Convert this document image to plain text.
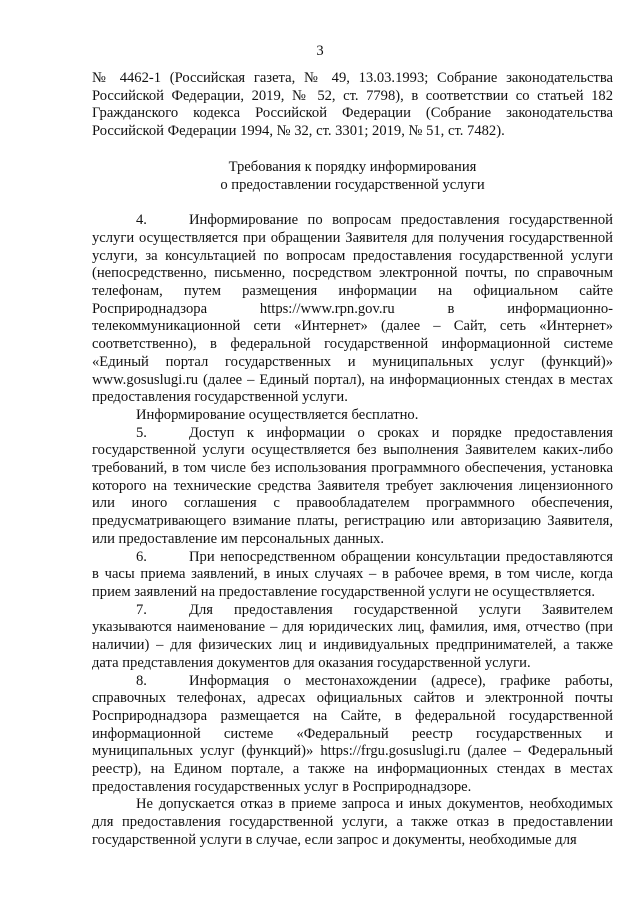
3

№ 4462-1 (Российская газета, № 49, 13.03.1993; Собрание законодательства Российской Федерации, 2019, № 52, ст. 7798), в соответствии со статьей 182 Гражданского кодекса Российской Федерации (Собрание законодательства Российской Федерации 1994, № 32, ст. 3301; 2019, № 51, ст. 7482).

Требования к порядку информирования
о предоставлении государственной услуги

4.	Информирование по вопросам предоставления государственной услуги осуществляется при обращении Заявителя для получения государственной услуги, за консультацией по вопросам предоставления государственной услуги (непосредственно, письменно, посредством электронной почты, по справочным телефонам, путем размещения информации на официальном сайте Росприроднадзора https://www.rpn.gov.ru в информационно-телекоммуникационной сети «Интернет» (далее – Сайт, сеть «Интернет» соответственно), в федеральной государственной информационной системе «Единый портал государственных и муниципальных услуг (функций)» www.gosuslugi.ru (далее – Единый портал), на информационных стендах в местах предоставления государственной услуги.

Информирование осуществляется бесплатно.

5.	Доступ к информации о сроках и порядке предоставления государственной услуги осуществляется без выполнения Заявителем каких-либо требований, в том числе без использования программного обеспечения, установка которого на технические средства Заявителя требует заключения лицензионного или иного соглашения с правообладателем программного обеспечения, предусматривающего взимание платы, регистрацию или авторизацию Заявителя, или предоставление им персональных данных.

6.	При непосредственном обращении консультации предоставляются в часы приема заявлений, в иных случаях – в рабочее время, в том числе, когда прием заявлений на предоставление государственной услуги не осуществляется.

7.	Для предоставления государственной услуги Заявителем указываются наименование – для юридических лиц, фамилия, имя, отчество (при наличии) – для физических лиц и индивидуальных предпринимателей, а также дата представления документов для оказания государственной услуги.

8.	Информация о местонахождении (адресе), графике работы, справочных телефонах, адресах официальных сайтов и электронной почты Росприроднадзора размещается на Сайте, в федеральной государственной информационной системе «Федеральный реестр государственных и муниципальных услуг (функций)» https://frgu.gosuslugi.ru (далее – Федеральный реестр), на Едином портале, а также на информационных стендах в местах предоставления государственных услуг в Росприроднадзоре.

Не допускается отказ в приеме запроса и иных документов, необходимых для предоставления государственной услуги, а также отказ в предоставлении государственной услуги в случае, если запрос и документы, необходимые для
